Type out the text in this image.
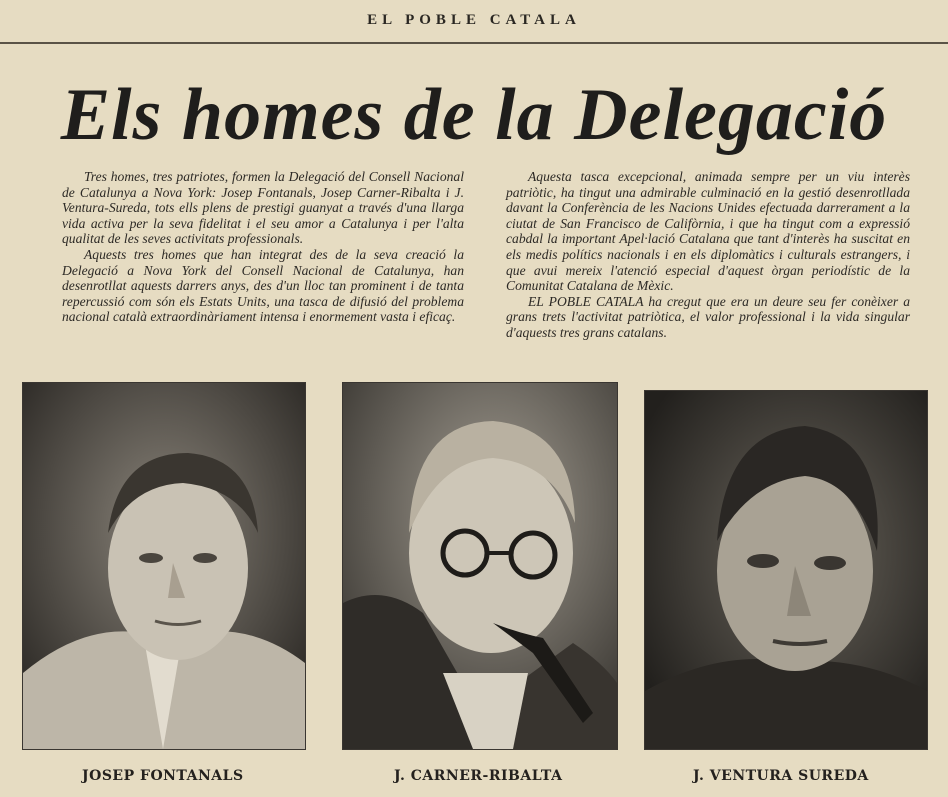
EL POBLE CATALA
Els homes de la Delegació

Tres homes, tres patriotes, formen la Delegació del Consell Nacional de Catalunya a Nova York: Josep Fontanals, Josep Carner-Ribalta i J. Ventura-Sureda, tots ells plens de prestigi guanyat a través d'una llarga vida activa per la seva fidelitat i el seu amor a Catalunya i per l'alta qualitat de les seves activitats professionals.

Aquests tres homes que han integrat des de la seva creació la Delegació a Nova York del Consell Nacional de Catalunya, han desenrotllat aquests darrers anys, des d'un lloc tan prominent i de tanta repercussió com són els Estats Units, una tasca de difusió del problema nacional català extraordinàriament intensa i enormement vasta i eficaç.

Aquesta tasca excepcional, animada sempre per un viu interès patriòtic, ha tingut una admirable culminació en la gestió desenrotllada davant la Conferència de les Nacions Unides efectuada darrerament a la ciutat de San Francisco de Califòrnia, i que ha tingut com a expressió cabdal la important Apel·lació Catalana que tant d'interès ha suscitat en els medis polítics nacionals i en els diplomàtics i culturals estrangers, i que avui mereix l'atenció especial d'aquest òrgan periodístic de la Comunitat Catalana de Mèxic.

EL POBLE CATALA ha cregut que era un deure seu fer conèixer a grans trets l'activitat patriòtica, el valor professional i la vida singular d'aquests tres grans catalans.

JOSEP FONTANALS	J. CARNER-RIBALTA	J. VENTURA SUREDA
